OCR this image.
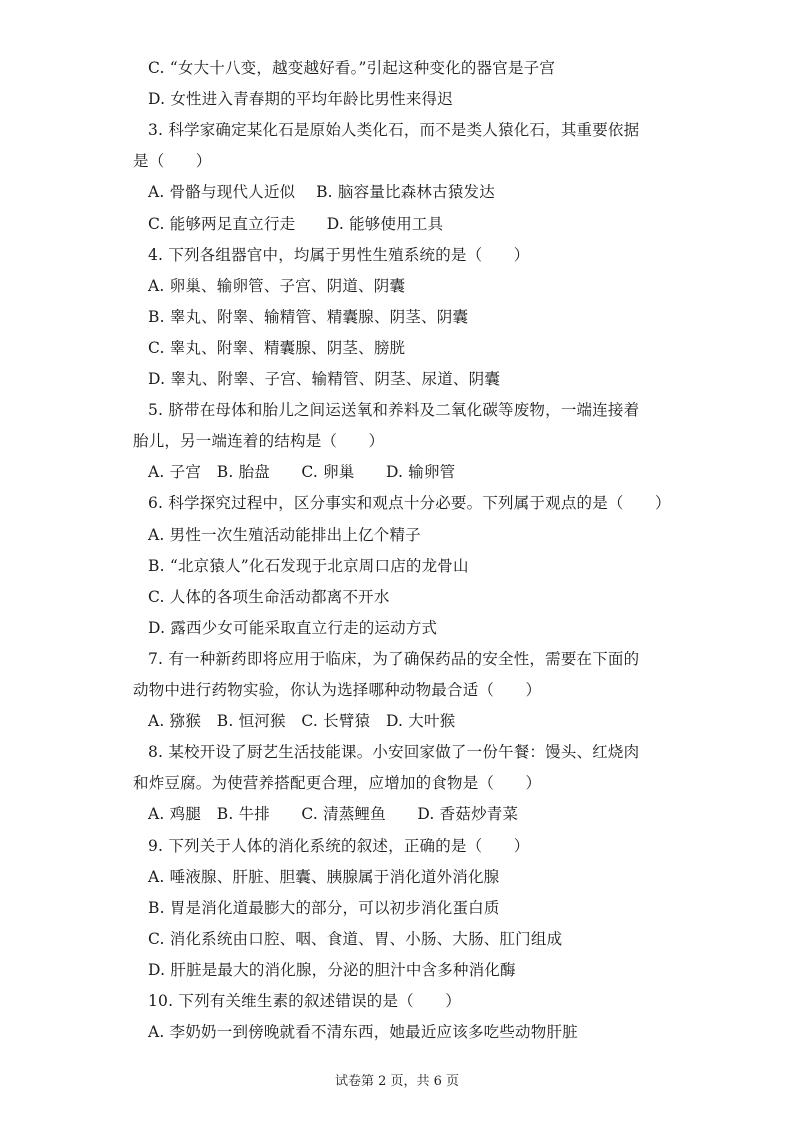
C. “女大十八变，越变越好看。”引起这种变化的器官是子宫
D. 女性进入青春期的平均年龄比男性来得迟
3. 科学家确定某化石是原始人类化石，而不是类人猿化石，其重要依据
是（　　）
A. 骨骼与现代人近似　 B. 脑容量比森林古猿发达
C. 能够两足直立行走　　D. 能够使用工具
4. 下列各组器官中，均属于男性生殖系统的是（　　）
A. 卵巢、输卵管、子宫、阴道、阴囊
B. 睾丸、附睾、输精管、精囊腺、阴茎、阴囊
C. 睾丸、附睾、精囊腺、阴茎、膀胱
D. 睾丸、附睾、子宫、输精管、阴茎、尿道、阴囊
5. 脐带在母体和胎儿之间运送氧和养料及二氧化碳等废物，一端连接着
胎儿，另一端连着的结构是（　　）
A. 子宫　B. 胎盘　　C. 卵巢　　D. 输卵管
6. 科学探究过程中，区分事实和观点十分必要。下列属于观点的是（　　）
A. 男性一次生殖活动能排出上亿个精子
B. “北京猿人”化石发现于北京周口店的龙骨山
C. 人体的各项生命活动都离不开水
D. 露西少女可能采取直立行走的运动方式
7. 有一种新药即将应用于临床，为了确保药品的安全性，需要在下面的
动物中进行药物实验，你认为选择哪种动物最合适（　　）
A. 猕猴　B. 恒河猴　C. 长臂猿　D. 大叶猴
8. 某校开设了厨艺生活技能课。小安回家做了一份午餐：馒头、红烧肉
和炸豆腐。为使营养搭配更合理，应增加的食物是（　　）
A. 鸡腿　B. 牛排　　C. 清蒸鲤鱼　　D. 香菇炒青菜
9. 下列关于人体的消化系统的叙述，正确的是（　　）
A. 唾液腺、肝脏、胆囊、胰腺属于消化道外消化腺
B. 胃是消化道最膨大的部分，可以初步消化蛋白质
C. 消化系统由口腔、咽、食道、胃、小肠、大肠、肛门组成
D. 肝脏是最大的消化腺，分泌的胆汁中含多种消化酶
10. 下列有关维生素的叙述错误的是（　　）
A. 李奶奶一到傍晚就看不清东西，她最近应该多吃些动物肝脏
试卷第 2 页，共 6 页
